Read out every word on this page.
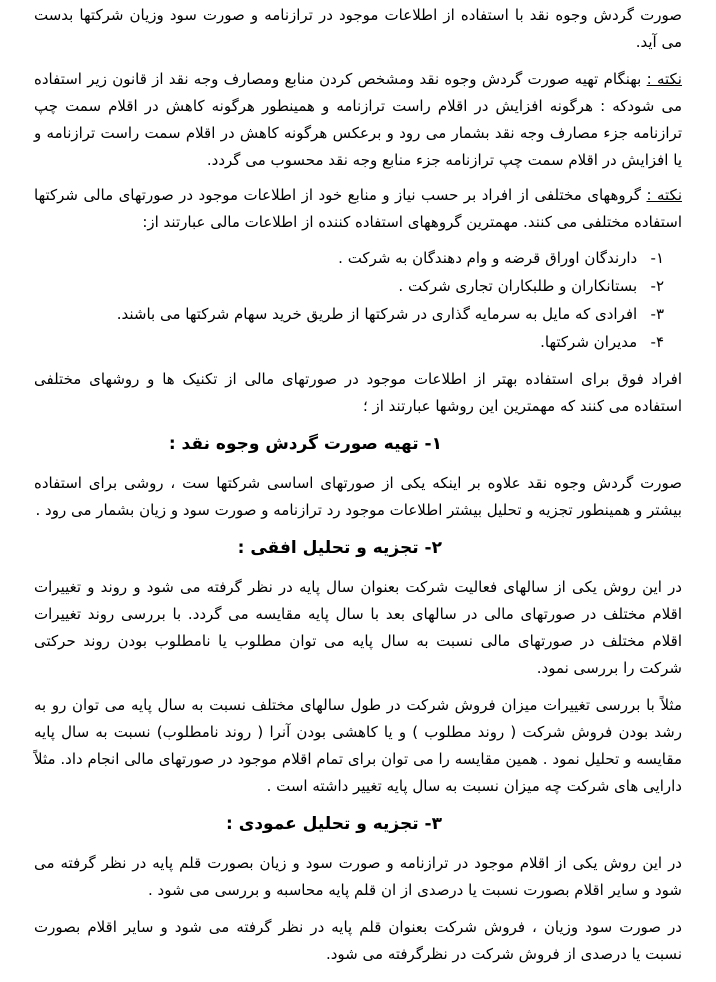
صورت گردش وجوه نقد با استفاده از اطلاعات موجود در ترازنامه و صورت سود وزیان شرکتها بدست می آید.

نکته : بهنگام تهیه صورت گردش وجوه نقد ومشخص کردن منابع ومصارف وجه نقد از قانون زیر استفاده می شودکه : هرگونه افزایش در اقلام راست ترازنامه و همینطور هرگونه کاهش در اقلام سمت چپ ترازنامه جزء مصارف وجه نقد بشمار می رود و برعکس هرگونه کاهش در اقلام سمت راست ترازنامه و یا افزایش در اقلام سمت چپ ترازنامه جزء منابع وجه نقد محسوب می گردد.

نکته : گروههای مختلفی از افراد بر حسب نیاز و منابع خود از اطلاعات موجود در صورتهای مالی شرکتها استفاده مختلفی می کنند. مهمترین گروههای استفاده کننده از اطلاعات مالی عبارتند از:

۱- دارندگان اوراق قرضه و وام دهندگان به شرکت .
۲- بستانکاران و طلبکاران تجاری شرکت .
۳- افرادی که مایل به سرمایه گذاری در شرکتها از طریق خرید سهام شرکتها می باشند.
۴- مدیران شرکتها.

افراد فوق برای استفاده بهتر از اطلاعات موجود در صورتهای مالی از تکنیک ها و روشهای مختلفی استفاده می کنند که مهمترین این روشها عبارتند از ؛

۱- تهیه صورت گردش وجوه نقد :

صورت گردش وجوه نقد علاوه بر اینکه یکی از صورتهای اساسی شرکتها ست ، روشی برای استفاده بیشتر و همینطور تجزیه و تحلیل بیشتر اطلاعات موجود رد ترازنامه و صورت سود و زیان بشمار می رود .

۲- تجزیه و تحلیل افقی :

در این روش یکی از سالهای فعالیت شرکت بعنوان سال پایه در نظر گرفته می شود و روند و تغییرات اقلام مختلف در صورتهای مالی در سالهای بعد با سال پایه مقایسه می گردد. با بررسی روند تغییرات اقلام مختلف در صورتهای مالی نسبت به سال پایه می توان مطلوب یا نامطلوب بودن روند حرکتی شرکت را بررسی نمود.

مثلاً با بررسی تغییرات میزان فروش شرکت در طول سالهای مختلف نسبت به سال پایه می توان رو به رشد بودن فروش شرکت ( روند مطلوب ) و یا کاهشی بودن آنرا ( روند نامطلوب) نسبت به سال پایه مقایسه و تحلیل نمود . همین مقایسه را می توان برای تمام اقلام موجود در صورتهای مالی انجام داد. مثلاً دارایی های شرکت چه میزان نسبت به سال پایه تغییر داشته است .

۳- تجزیه و تحلیل عمودی :

در این روش یکی از اقلام موجود در ترازنامه و صورت سود و زیان بصورت قلم پایه در نظر گرفته می شود و سایر اقلام بصورت نسبت یا درصدی از ان قلم پایه محاسبه و بررسی می شود .

در صورت سود وزیان ، فروش شرکت بعنوان قلم پایه در نظر گرفته می شود و سایر اقلام بصورت نسبت یا درصدی از فروش شرکت در نظرگرفته می شود.
